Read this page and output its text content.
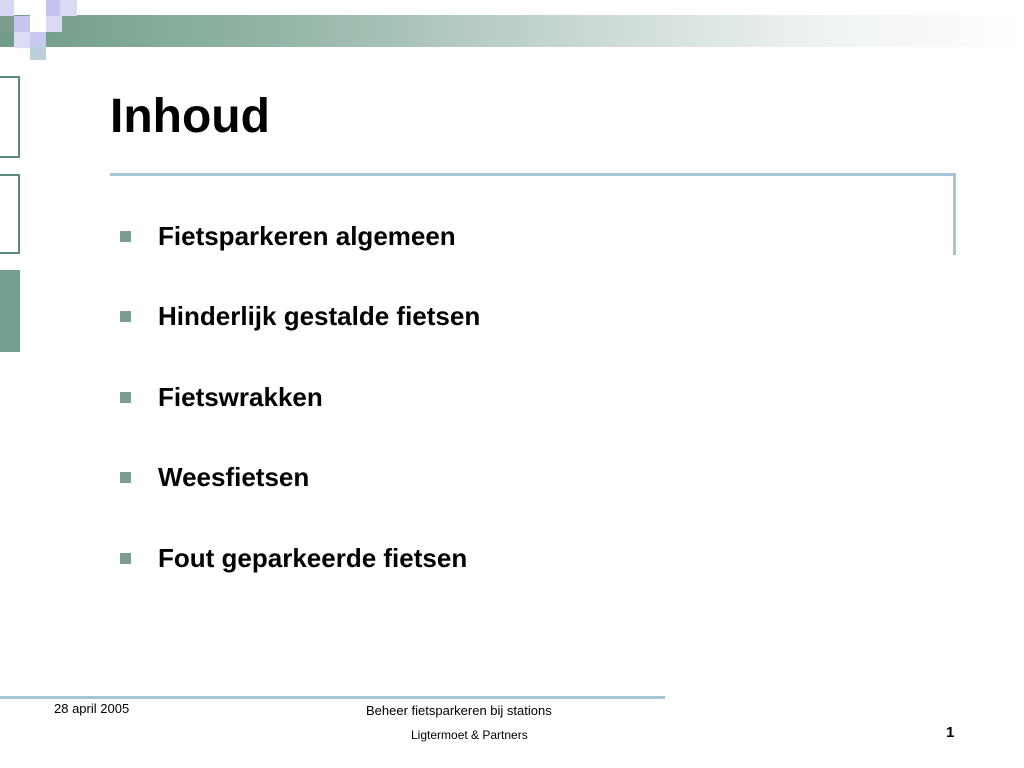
Inhoud
Fietsparkeren algemeen
Hinderlijk gestalde fietsen
Fietswrakken
Weesfietsen
Fout geparkeerde fietsen
28 april 2005	Beheer fietsparkeren bij stations
Ligtermoet & Partners	1
